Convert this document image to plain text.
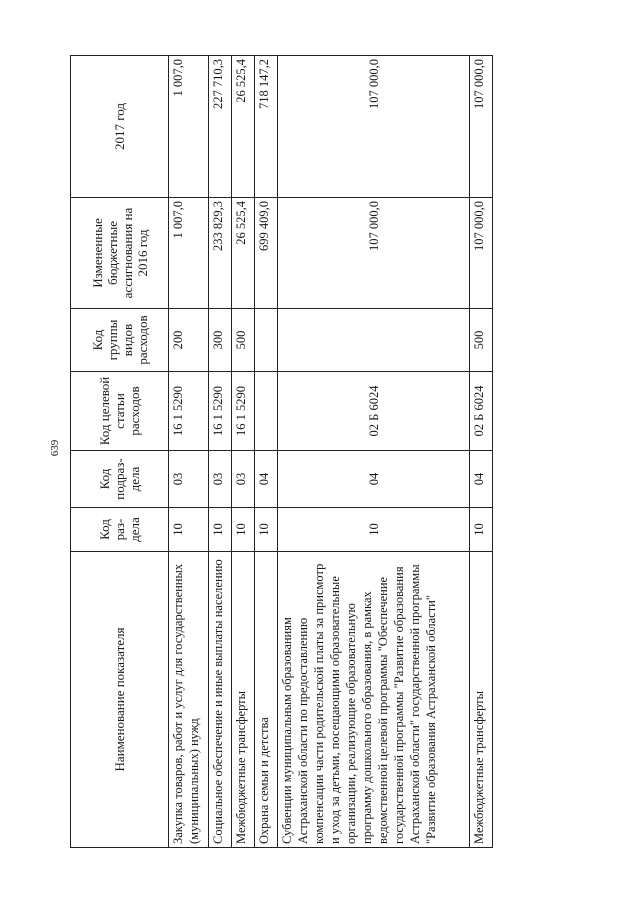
639
Наименование показателя	Код раз- дела	Код подраз- дела	Код целевой статьи расходов	Код группы видов расходов	Измененные бюджетные ассигнования на 2016 год	2017 год
Закупка товаров, работ и услуг для государственных (муниципальных) нужд	10	03	16 1 5290	200	1 007,0	1 007,0
Социальное обеспечение и иные выплаты населению	10	03	16 1 5290	300	233 829,3	227 710,3
Межбюджетные трансферты	10	03	16 1 5290	500	26 525,4	26 525,4
Охрана семьи и детства	10	04			699 409,0	718 147,2
Субвенции муниципальным образованиям Астраханской области по предоставлению компенсации части родительской платы за присмотр и уход за детьми, посещающими образовательные организации, реализующие образовательную программу дошкольного образования, в рамках ведомственной целевой программы "Обеспечение государственной программы "Развитие образования Астраханской области" государственной программы "Развитие образования Астраханской области"	10	04	02 Б 6024		107 000,0	107 000,0
Межбюджетные трансферты	10	04	02 Б 6024	500	107 000,0	107 000,0
